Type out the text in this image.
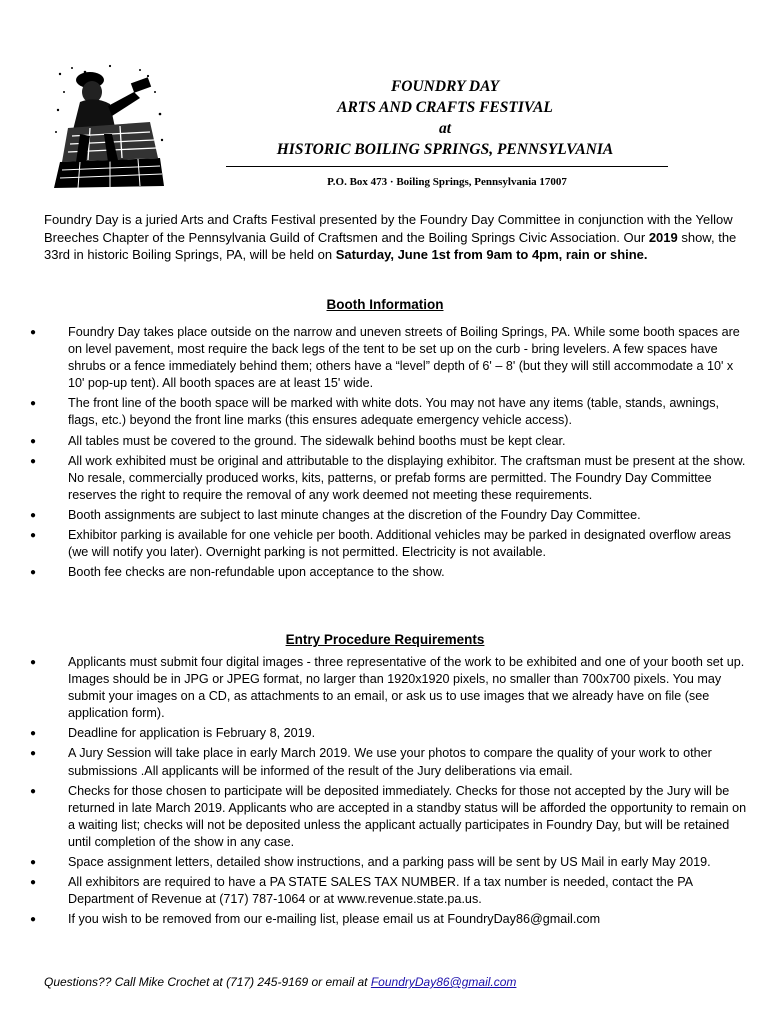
FOUNDRY DAY
ARTS AND CRAFTS FESTIVAL
at
HISTORIC BOILING SPRINGS, PENNSYLVANIA
P.O. Box 473 · Boiling Springs, Pennsylvania 17007
Foundry Day is a juried Arts and Crafts Festival presented by the Foundry Day Committee in conjunction with the Yellow Breeches Chapter of the Pennsylvania Guild of Craftsmen and the Boiling Springs Civic Association. Our 2019 show, the 33rd in historic Boiling Springs, PA, will be held on Saturday, June 1st from 9am to 4pm, rain or shine.
Booth Information
● Foundry Day takes place outside on the narrow and uneven streets of Boiling Springs, PA. While some booth spaces are on level pavement, most require the back legs of the tent to be set up on the curb - bring levelers. A few spaces have shrubs or a fence immediately behind them; others have a “level” depth of 6' – 8' (but they will still accommodate a 10' x 10' pop-up tent). All booth spaces are at least 15' wide.
● The front line of the booth space will be marked with white dots. You may not have any items (table, stands, awnings, flags, etc.) beyond the front line marks (this ensures adequate emergency vehicle access).
● All tables must be covered to the ground. The sidewalk behind booths must be kept clear.
● All work exhibited must be original and attributable to the displaying exhibitor. The craftsman must be present at the show. No resale, commercially produced works, kits, patterns, or prefab forms are permitted. The Foundry Day Committee reserves the right to require the removal of any work deemed not meeting these requirements.
● Booth assignments are subject to last minute changes at the discretion of the Foundry Day Committee.
● Exhibitor parking is available for one vehicle per booth. Additional vehicles may be parked in designated overflow areas (we will notify you later). Overnight parking is not permitted. Electricity is not available.
● Booth fee checks are non-refundable upon acceptance to the show.
Entry Procedure Requirements
● Applicants must submit four digital images - three representative of the work to be exhibited and one of your booth set up. Images should be in JPG or JPEG format, no larger than 1920x1920 pixels, no smaller than 700x700 pixels. You may submit your images on a CD, as attachments to an email, or ask us to use images that we already have on file (see application form).
● Deadline for application is February 8, 2019.
● A Jury Session will take place in early March 2019. We use your photos to compare the quality of your work to other submissions .All applicants will be informed of the result of the Jury deliberations via email.
● Checks for those chosen to participate will be deposited immediately. Checks for those not accepted by the Jury will be returned in late March 2019. Applicants who are accepted in a standby status will be afforded the opportunity to remain on a waiting list; checks will not be deposited unless the applicant actually participates in Foundry Day, but will be retained until completion of the show in any case.
● Space assignment letters, detailed show instructions, and a parking pass will be sent by US Mail in early May 2019.
● All exhibitors are required to have a PA STATE SALES TAX NUMBER. If a tax number is needed, contact the PA Department of Revenue at (717) 787-1064 or at www.revenue.state.pa.us.
● If you wish to be removed from our e-mailing list, please email us at FoundryDay86@gmail.com
Questions?? Call Mike Crochet at (717) 245-9169 or email at FoundryDay86@gmail.com
